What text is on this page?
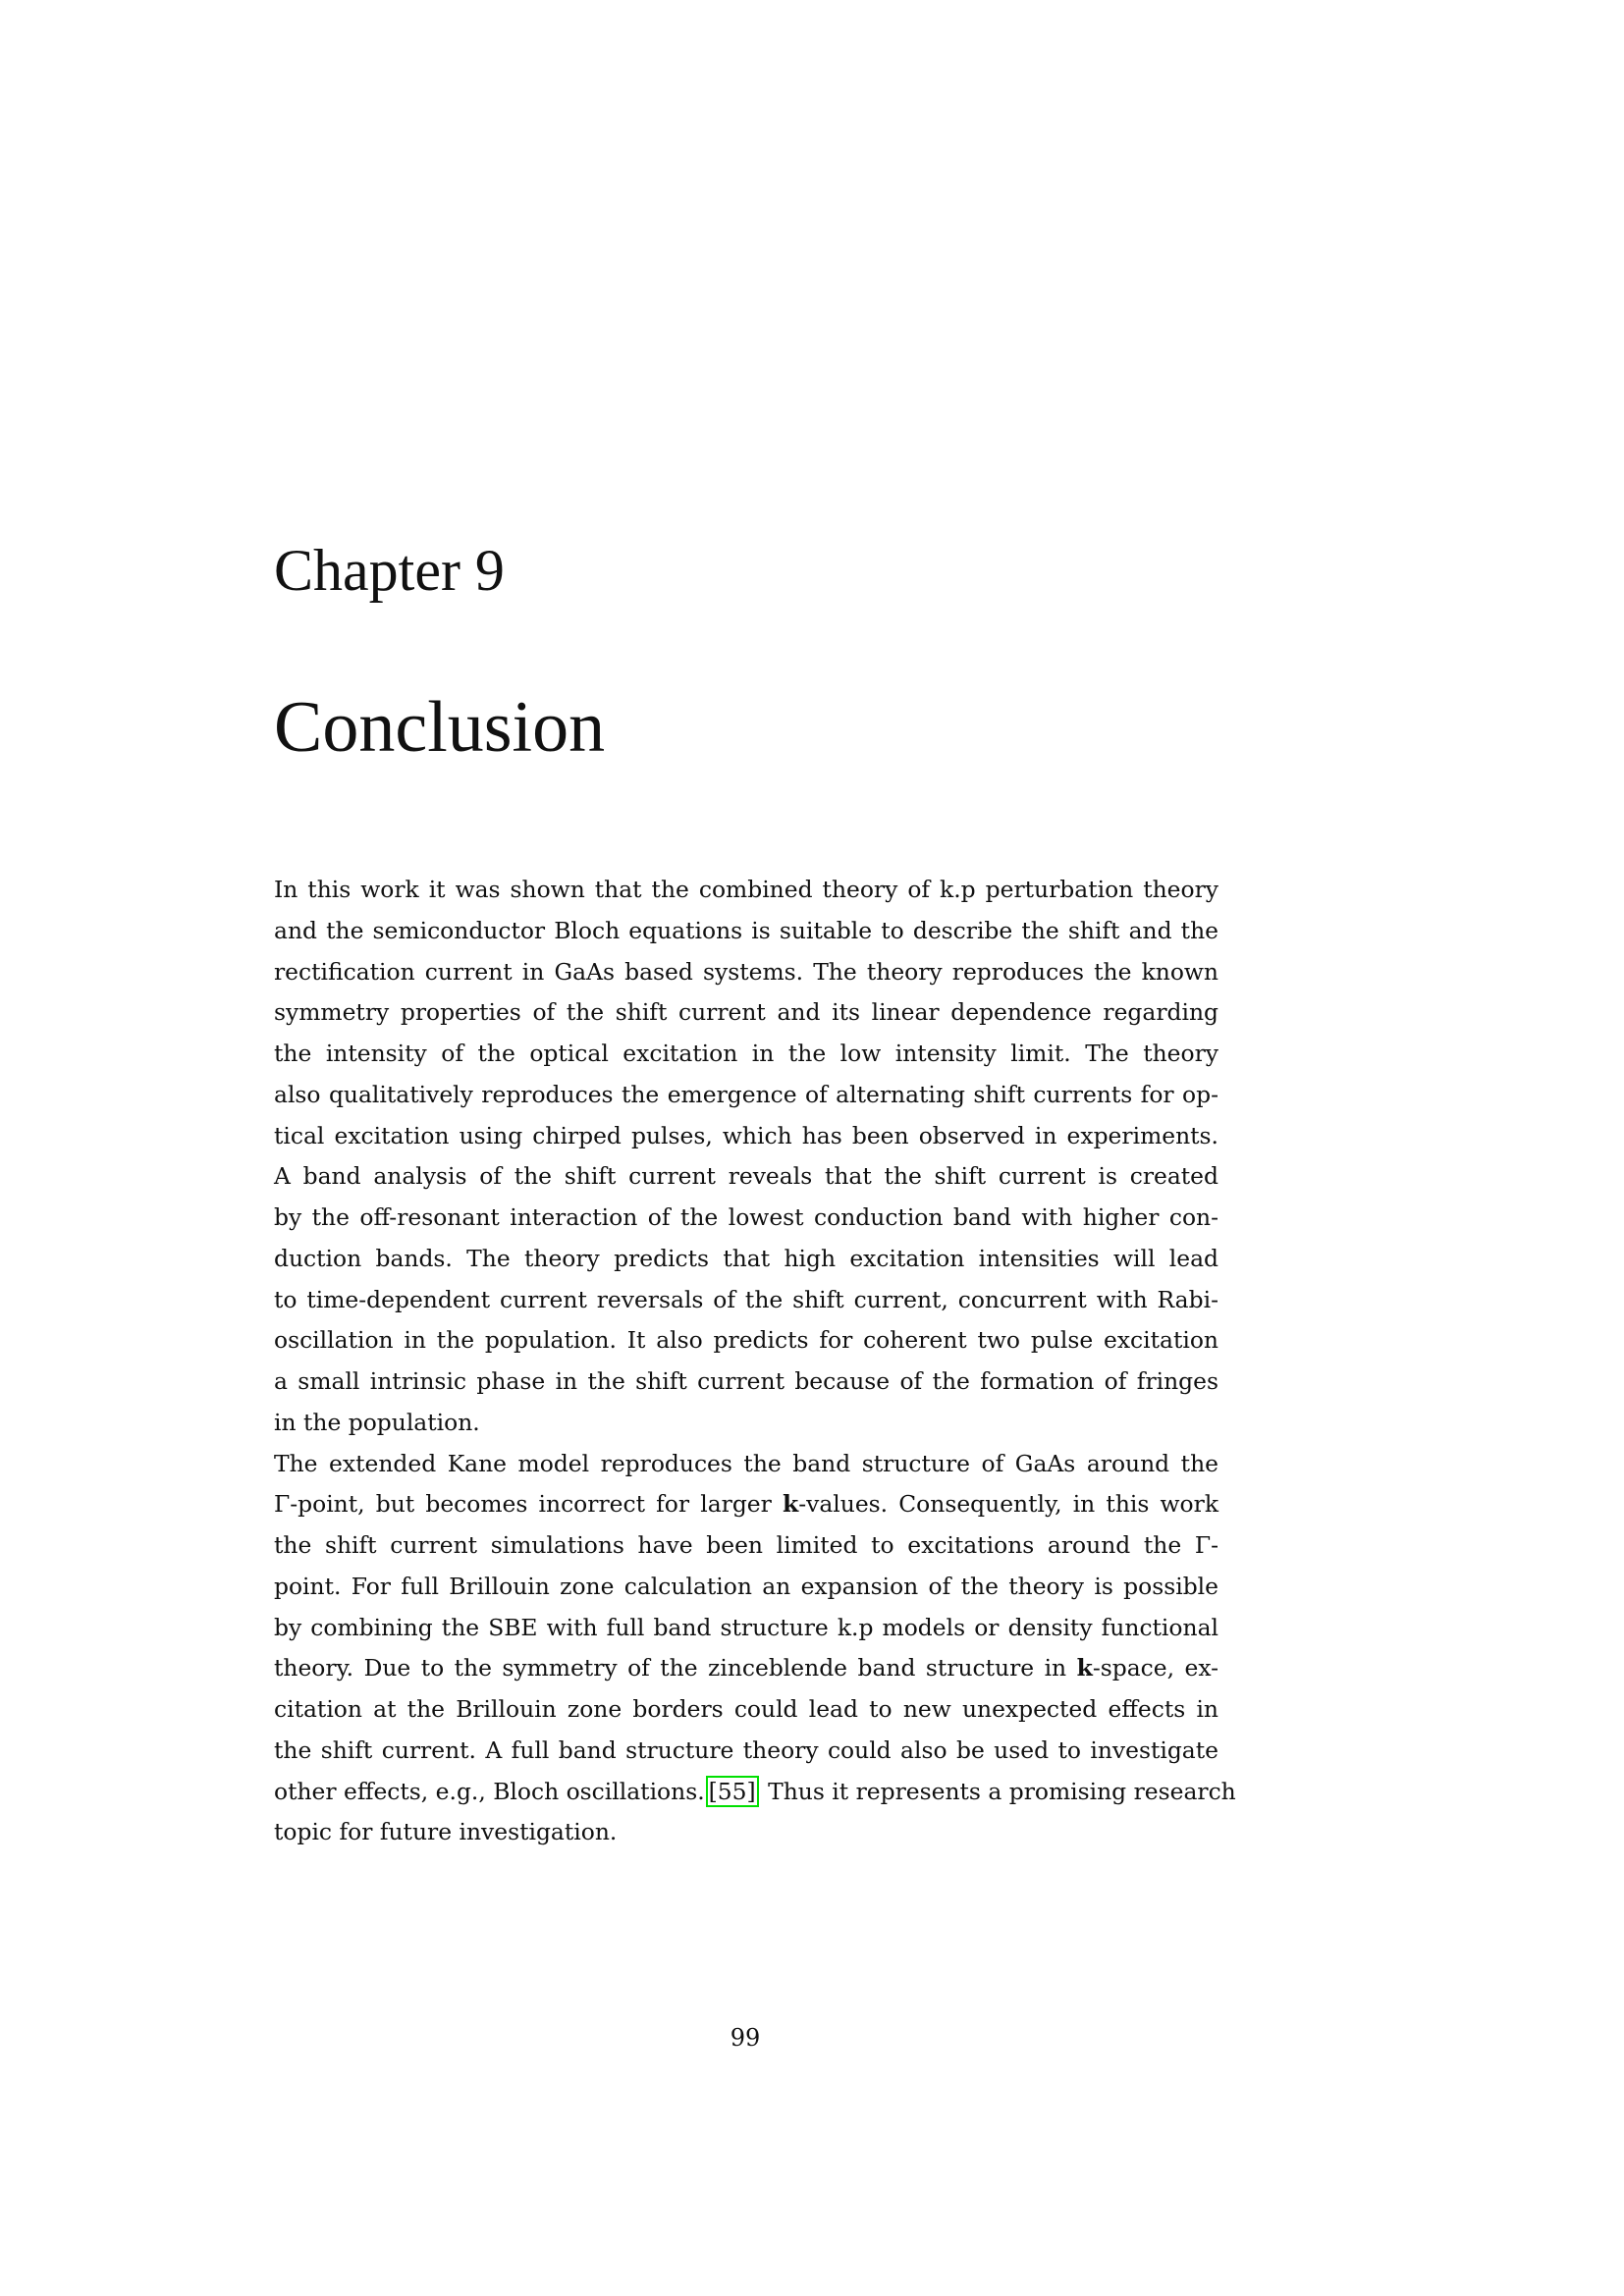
Chapter 9
Conclusion
In this work it was shown that the combined theory of k.p perturbation theory
and the semiconductor Bloch equations is suitable to describe the shift and the
rectification current in GaAs based systems. The theory reproduces the known
symmetry properties of the shift current and its linear dependence regarding
the intensity of the optical excitation in the low intensity limit. The theory
also qualitatively reproduces the emergence of alternating shift currents for op-
tical excitation using chirped pulses, which has been observed in experiments.
A band analysis of the shift current reveals that the shift current is created
by the off-resonant interaction of the lowest conduction band with higher con-
duction bands. The theory predicts that high excitation intensities will lead
to time-dependent current reversals of the shift current, concurrent with Rabi-
oscillation in the population. It also predicts for coherent two pulse excitation
a small intrinsic phase in the shift current because of the formation of fringes
in the population.
The extended Kane model reproduces the band structure of GaAs around the
Γ-point, but becomes incorrect for larger k-values. Consequently, in this work
the shift current simulations have been limited to excitations around the Γ-
point. For full Brillouin zone calculation an expansion of the theory is possible
by combining the SBE with full band structure k.p models or density functional
theory. Due to the symmetry of the zinceblende band structure in k-space, ex-
citation at the Brillouin zone borders could lead to new unexpected effects in
the shift current. A full band structure theory could also be used to investigate
other effects, e.g., Bloch oscillations. [55] Thus it represents a promising research
topic for future investigation.

99
